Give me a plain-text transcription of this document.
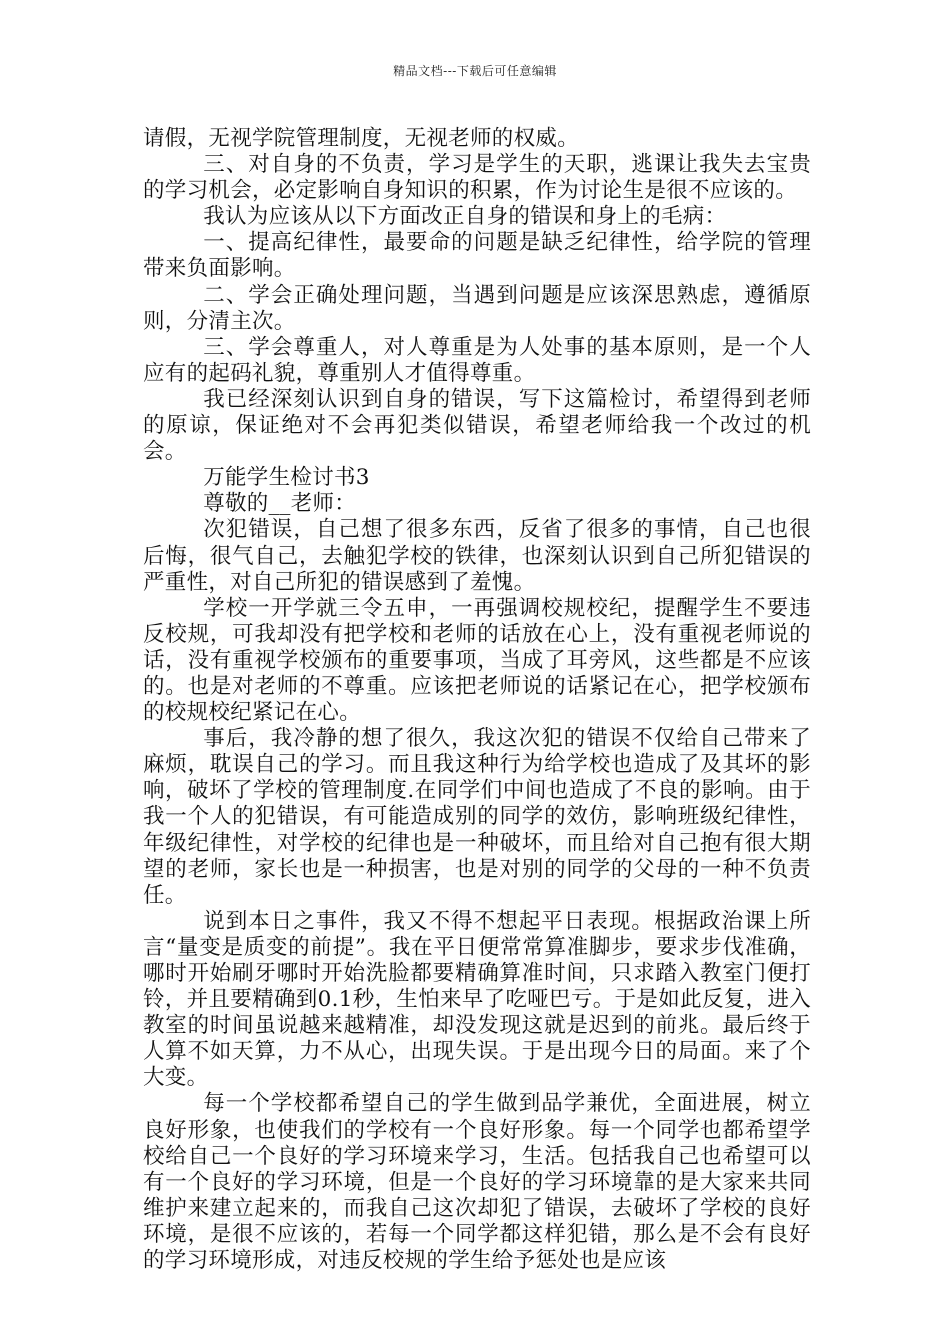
精品文档---下载后可任意编辑

请假，无视学院管理制度，无视老师的权威。

三、对自身的不负责，学习是学生的天职，逃课让我失去宝贵的学习机会，必定影响自身知识的积累，作为讨论生是很不应该的。

我认为应该从以下方面改正自身的错误和身上的毛病：

一、提高纪律性，最要命的问题是缺乏纪律性，给学院的管理带来负面影响。

二、学会正确处理问题，当遇到问题是应该深思熟虑，遵循原则，分清主次。

三、学会尊重人，对人尊重是为人处事的基本原则，是一个人应有的起码礼貌，尊重别人才值得尊重。

我已经深刻认识到自身的错误，写下这篇检讨，希望得到老师的原谅，保证绝对不会再犯类似错误，希望老师给我一个改过的机会。

万能学生检讨书3

尊敬的__老师：

次犯错误，自己想了很多东西，反省了很多的事情，自己也很后悔，很气自己，去触犯学校的铁律，也深刻认识到自己所犯错误的严重性，对自己所犯的错误感到了羞愧。

学校一开学就三令五申，一再强调校规校纪，提醒学生不要违反校规，可我却没有把学校和老师的话放在心上，没有重视老师说的话，没有重视学校颁布的重要事项，当成了耳旁风，这些都是不应该的。也是对老师的不尊重。应该把老师说的话紧记在心，把学校颁布的校规校纪紧记在心。

事后，我冷静的想了很久，我这次犯的错误不仅给自己带来了麻烦，耽误自己的学习。而且我这种行为给学校也造成了及其坏的影响，破坏了学校的管理制度.在同学们中间也造成了不良的影响。由于我一个人的犯错误，有可能造成别的同学的效仿，影响班级纪律性，年级纪律性，对学校的纪律也是一种破坏，而且给对自己抱有很大期望的老师，家长也是一种损害，也是对别的同学的父母的一种不负责任。

说到本日之事件，我又不得不想起平日表现。根据政治课上所言“量变是质变的前提”。我在平日便常常算准脚步，要求步伐准确，哪时开始刷牙哪时开始洗脸都要精确算准时间，只求踏入教室门便打铃，并且要精确到0.1秒，生怕来早了吃哑巴亏。于是如此反复，进入教室的时间虽说越来越精准，却没发现这就是迟到的前兆。最后终于人算不如天算，力不从心，出现失误。于是出现今日的局面。来了个大变。

每一个学校都希望自己的学生做到品学兼优，全面进展，树立良好形象，也使我们的学校有一个良好形象。每一个同学也都希望学校给自己一个良好的学习环境来学习，生活。包括我自己也希望可以有一个良好的学习环境，但是一个良好的学习环境靠的是大家来共同维护来建立起来的，而我自己这次却犯了错误，去破坏了学校的良好环境，是很不应该的，若每一个同学都这样犯错，那么是不会有良好的学习环境形成，对违反校规的学生给予惩处也是应该
